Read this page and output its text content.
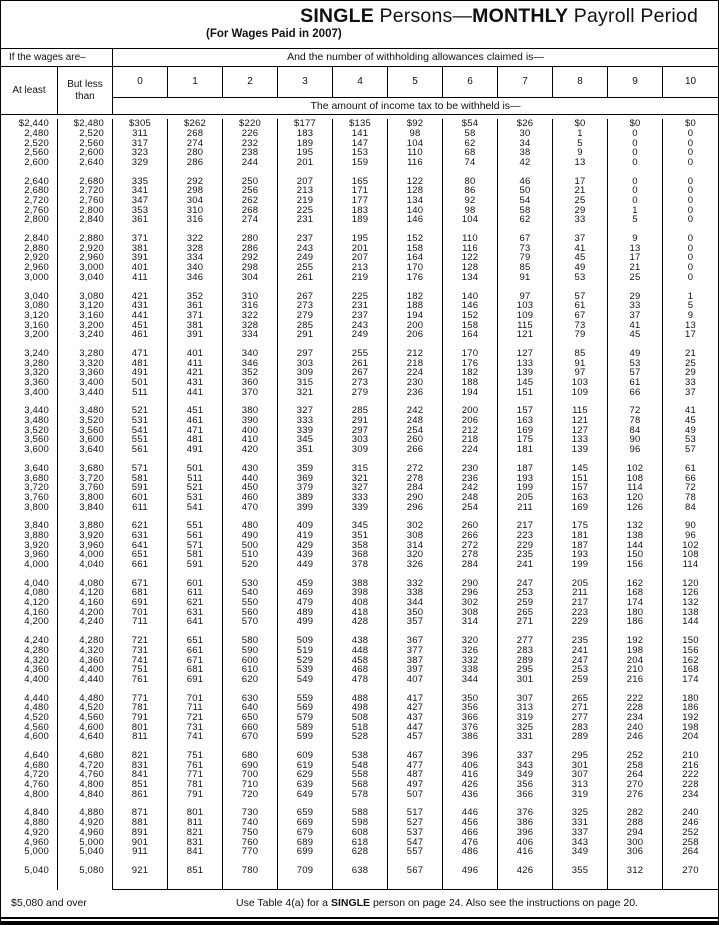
SINGLE Persons—MONTHLY Payroll Period
(For Wages Paid in 2007)
If the wages are–	And the number of withholding allowances claimed is—
At least
But less than
0	1	2	3	4	5	6	7	8	9	10
The amount of income tax to be withheld is—
$2,440	$2,480	$305	$262	$220	$177	$135	$92	$54	$26	$0	$0	$0
2,480	2,520	311	268	226	183	141	98	58	30	1	0	0
2,520	2,560	317	274	232	189	147	104	62	34	5	0	0
2,560	2,600	323	280	238	195	153	110	68	38	9	0	0
2,600	2,640	329	286	244	201	159	116	74	42	13	0	0
2,640	2,680	335	292	250	207	165	122	80	46	17	0	0
2,680	2,720	341	298	256	213	171	128	86	50	21	0	0
2,720	2,760	347	304	262	219	177	134	92	54	25	0	0
2,760	2,800	353	310	268	225	183	140	98	58	29	1	0
2,800	2,840	361	316	274	231	189	146	104	62	33	5	0
2,840	2,880	371	322	280	237	195	152	110	67	37	9	0
2,880	2,920	381	328	286	243	201	158	116	73	41	13	0
2,920	2,960	391	334	292	249	207	164	122	79	45	17	0
2,960	3,000	401	340	298	255	213	170	128	85	49	21	0
3,000	3,040	411	346	304	261	219	176	134	91	53	25	0
3,040	3,080	421	352	310	267	225	182	140	97	57	29	1
3,080	3,120	431	361	316	273	231	188	146	103	61	33	5
3,120	3,160	441	371	322	279	237	194	152	109	67	37	9
3,160	3,200	451	381	328	285	243	200	158	115	73	41	13
3,200	3,240	461	391	334	291	249	206	164	121	79	45	17
3,240	3,280	471	401	340	297	255	212	170	127	85	49	21
3,280	3,320	481	411	346	303	261	218	176	133	91	53	25
3,320	3,360	491	421	352	309	267	224	182	139	97	57	29
3,360	3,400	501	431	360	315	273	230	188	145	103	61	33
3,400	3,440	511	441	370	321	279	236	194	151	109	66	37
3,440	3,480	521	451	380	327	285	242	200	157	115	72	41
3,480	3,520	531	461	390	333	291	248	206	163	121	78	45
3,520	3,560	541	471	400	339	297	254	212	169	127	84	49
3,560	3,600	551	481	410	345	303	260	218	175	133	90	53
3,600	3,640	561	491	420	351	309	266	224	181	139	96	57
3,640	3,680	571	501	430	359	315	272	230	187	145	102	61
3,680	3,720	581	511	440	369	321	278	236	193	151	108	66
3,720	3,760	591	521	450	379	327	284	242	199	157	114	72
3,760	3,800	601	531	460	389	333	290	248	205	163	120	78
3,800	3,840	611	541	470	399	339	296	254	211	169	126	84
3,840	3,880	621	551	480	409	345	302	260	217	175	132	90
3,880	3,920	631	561	490	419	351	308	266	223	181	138	96
3,920	3,960	641	571	500	429	358	314	272	229	187	144	102
3,960	4,000	651	581	510	439	368	320	278	235	193	150	108
4,000	4,040	661	591	520	449	378	326	284	241	199	156	114
4,040	4,080	671	601	530	459	388	332	290	247	205	162	120
4,080	4,120	681	611	540	469	398	338	296	253	211	168	126
4,120	4,160	691	621	550	479	408	344	302	259	217	174	132
4,160	4,200	701	631	560	489	418	350	308	265	223	180	138
4,200	4,240	711	641	570	499	428	357	314	271	229	186	144
4,240	4,280	721	651	580	509	438	367	320	277	235	192	150
4,280	4,320	731	661	590	519	448	377	326	283	241	198	156
4,320	4,360	741	671	600	529	458	387	332	289	247	204	162
4,360	4,400	751	681	610	539	468	397	338	295	253	210	168
4,400	4,440	761	691	620	549	478	407	344	301	259	216	174
4,440	4,480	771	701	630	559	488	417	350	307	265	222	180
4,480	4,520	781	711	640	569	498	427	356	313	271	228	186
4,520	4,560	791	721	650	579	508	437	366	319	277	234	192
4,560	4,600	801	731	660	589	518	447	376	325	283	240	198
4,600	4,640	811	741	670	599	528	457	386	331	289	246	204
4,640	4,680	821	751	680	609	538	467	396	337	295	252	210
4,680	4,720	831	761	690	619	548	477	406	343	301	258	216
4,720	4,760	841	771	700	629	558	487	416	349	307	264	222
4,760	4,800	851	781	710	639	568	497	426	356	313	270	228
4,800	4,840	861	791	720	649	578	507	436	366	319	276	234
4,840	4,880	871	801	730	659	588	517	446	376	325	282	240
4,880	4,920	881	811	740	669	598	527	456	386	331	288	246
4,920	4,960	891	821	750	679	608	537	466	396	337	294	252
4,960	5,000	901	831	760	689	618	547	476	406	343	300	258
5,000	5,040	911	841	770	699	628	557	486	416	349	306	264
5,040	5,080	921	851	780	709	638	567	496	426	355	312	270
$5,080 and over	Use Table 4(a) for a SINGLE person on page 24. Also see the instructions on page 20.
